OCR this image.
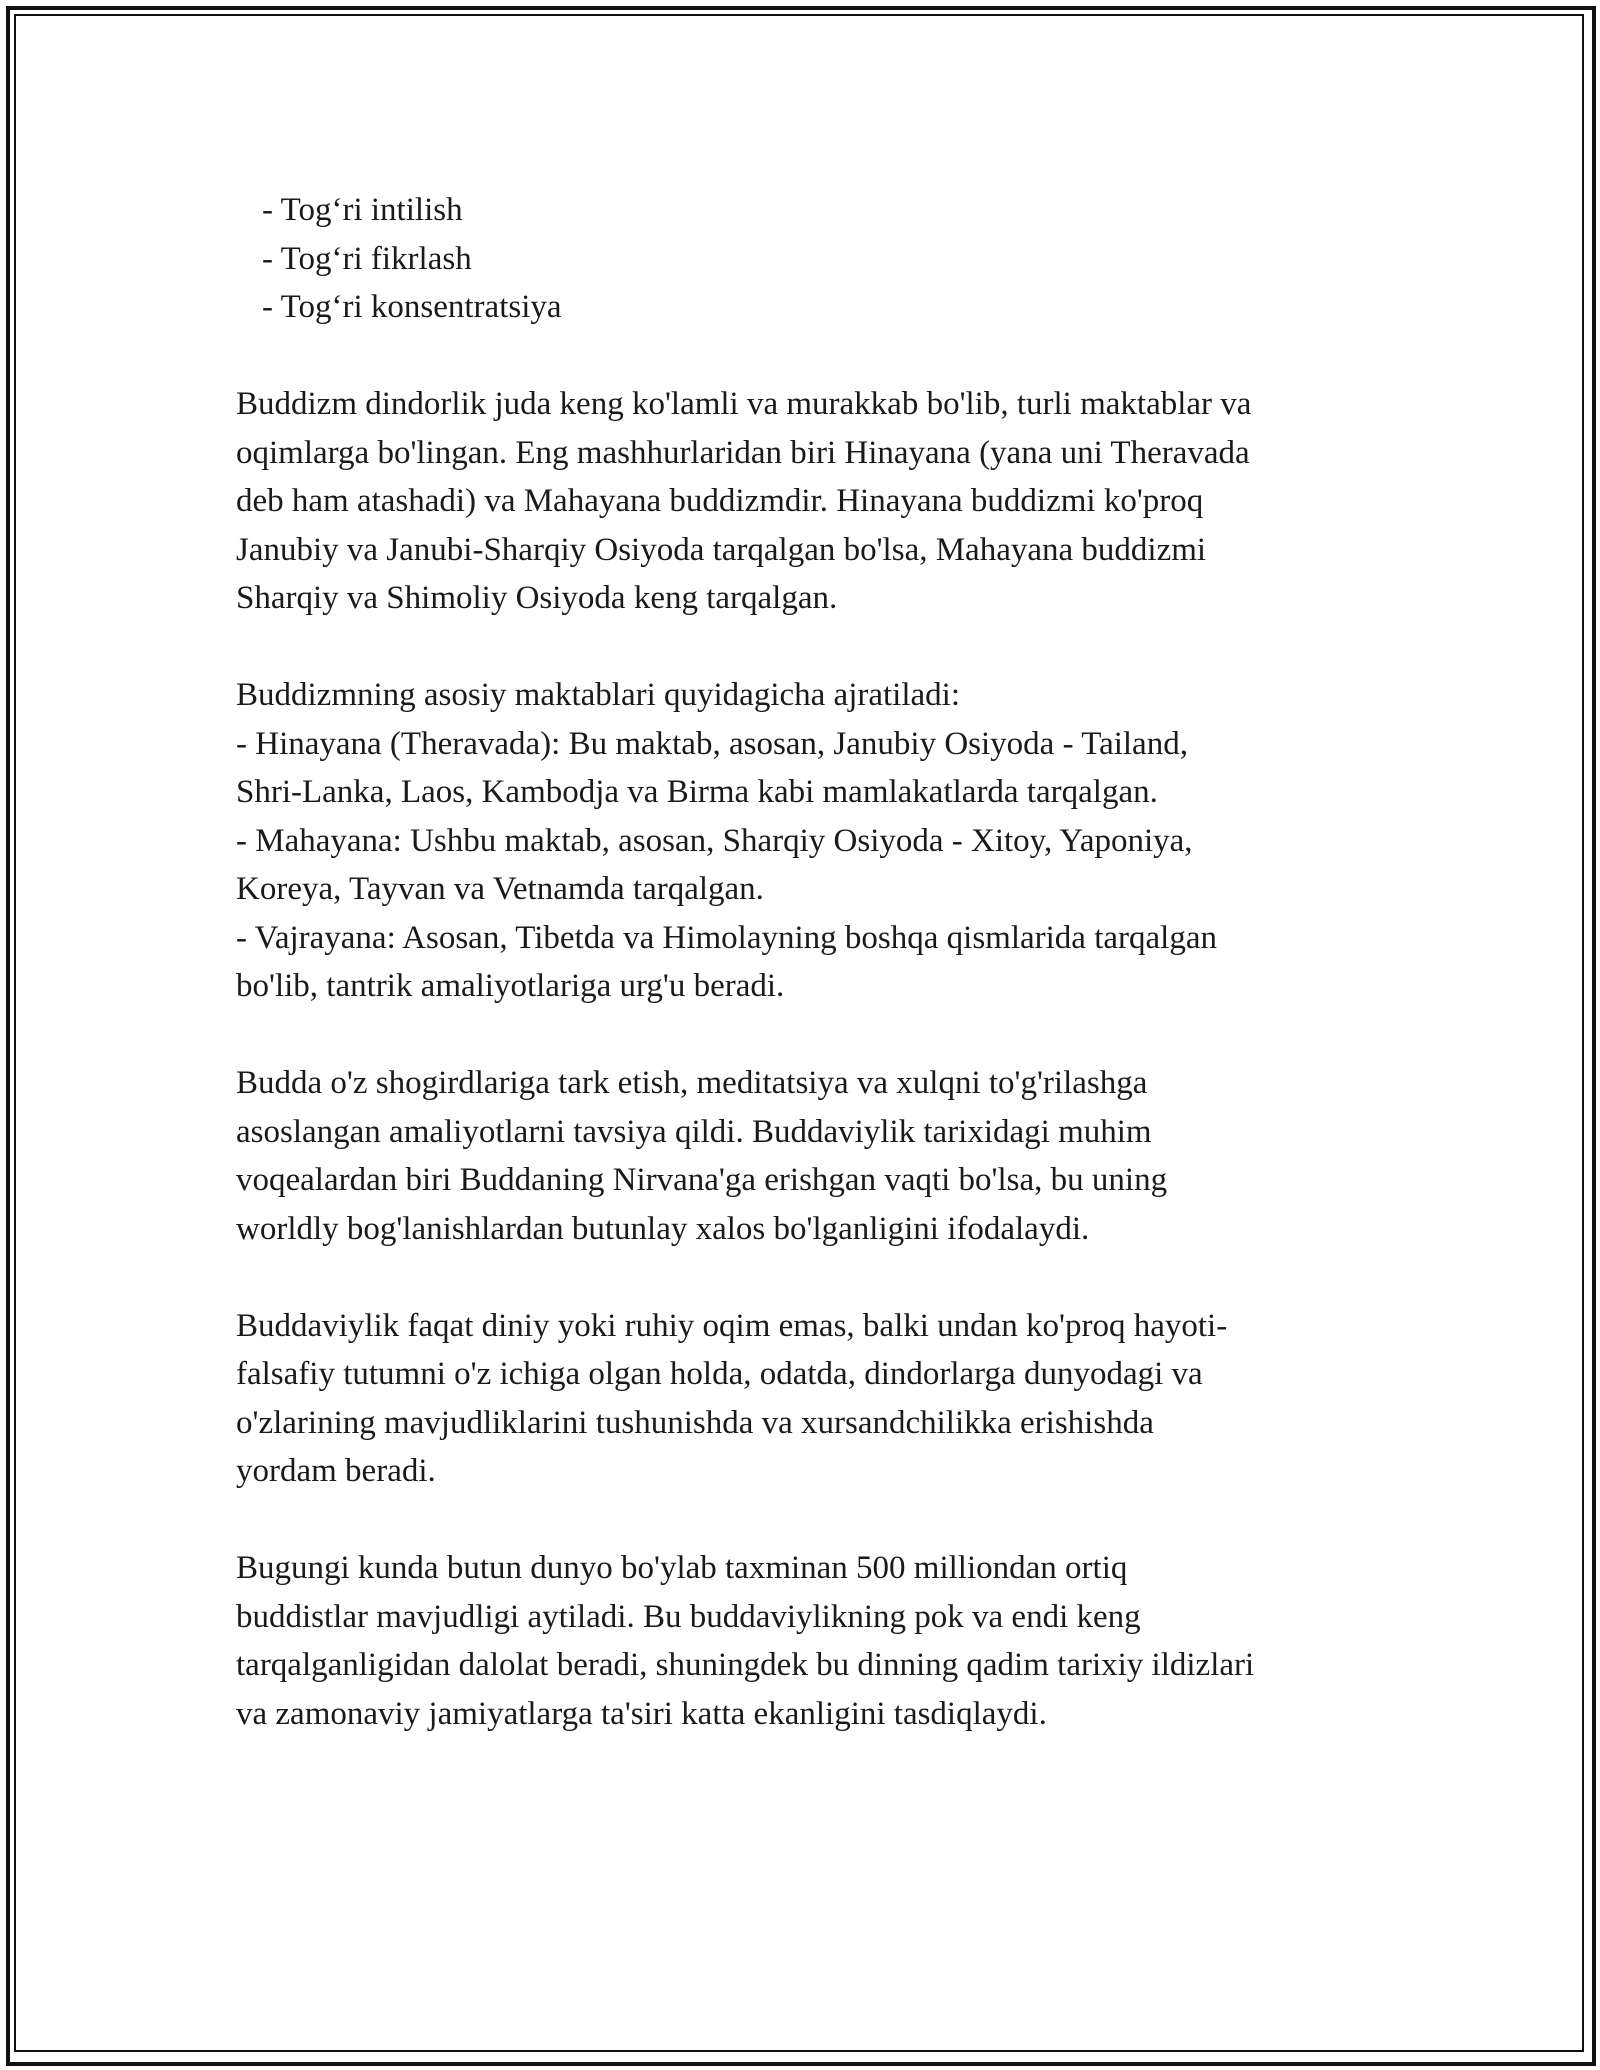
- Tog‘ri intilish
- Tog‘ri fikrlash
- Tog‘ri konsentratsiya
Buddizm dindorlik juda keng ko'lamli va murakkab bo'lib, turli maktablar va
oqimlarga bo'lingan. Eng mashhurlaridan biri Hinayana (yana uni Theravada
deb ham atashadi) va Mahayana buddizmdir. Hinayana buddizmi ko'proq
Janubiy va Janubi-Sharqiy Osiyoda tarqalgan bo'lsa, Mahayana buddizmi
Sharqiy va Shimoliy Osiyoda keng tarqalgan.
Buddizmning asosiy maktablari quyidagicha ajratiladi:
- Hinayana (Theravada): Bu maktab, asosan, Janubiy Osiyoda - Tailand,
Shri-Lanka, Laos, Kambodja va Birma kabi mamlakatlarda tarqalgan.
- Mahayana: Ushbu maktab, asosan, Sharqiy Osiyoda - Xitoy, Yaponiya,
Koreya, Tayvan va Vetnamda tarqalgan.
- Vajrayana: Asosan, Tibetda va Himolayning boshqa qismlarida tarqalgan
bo'lib, tantrik amaliyotlariga urg'u beradi.
Budda o'z shogirdlariga tark etish, meditatsiya va xulqni to'g'rilashga
asoslangan amaliyotlarni tavsiya qildi. Buddaviylik tarixidagi muhim
voqealardan biri Buddaning Nirvana'ga erishgan vaqti bo'lsa, bu uning
worldly bog'lanishlardan butunlay xalos bo'lganligini ifodalaydi.
Buddaviylik faqat diniy yoki ruhiy oqim emas, balki undan ko'proq hayoti-
falsafiy tutumni o'z ichiga olgan holda, odatda, dindorlarga dunyodagi va
o'zlarining mavjudliklarini tushunishda va xursandchilikka erishishda
yordam beradi.
Bugungi kunda butun dunyo bo'ylab taxminan 500 milliondan ortiq
buddistlar mavjudligi aytiladi. Bu buddaviylikning pok va endi keng
tarqalganligidan dalolat beradi, shuningdek bu dinning qadim tarixiy ildizlari
va zamonaviy jamiyatlarga ta'siri katta ekanligini tasdiqlaydi.
